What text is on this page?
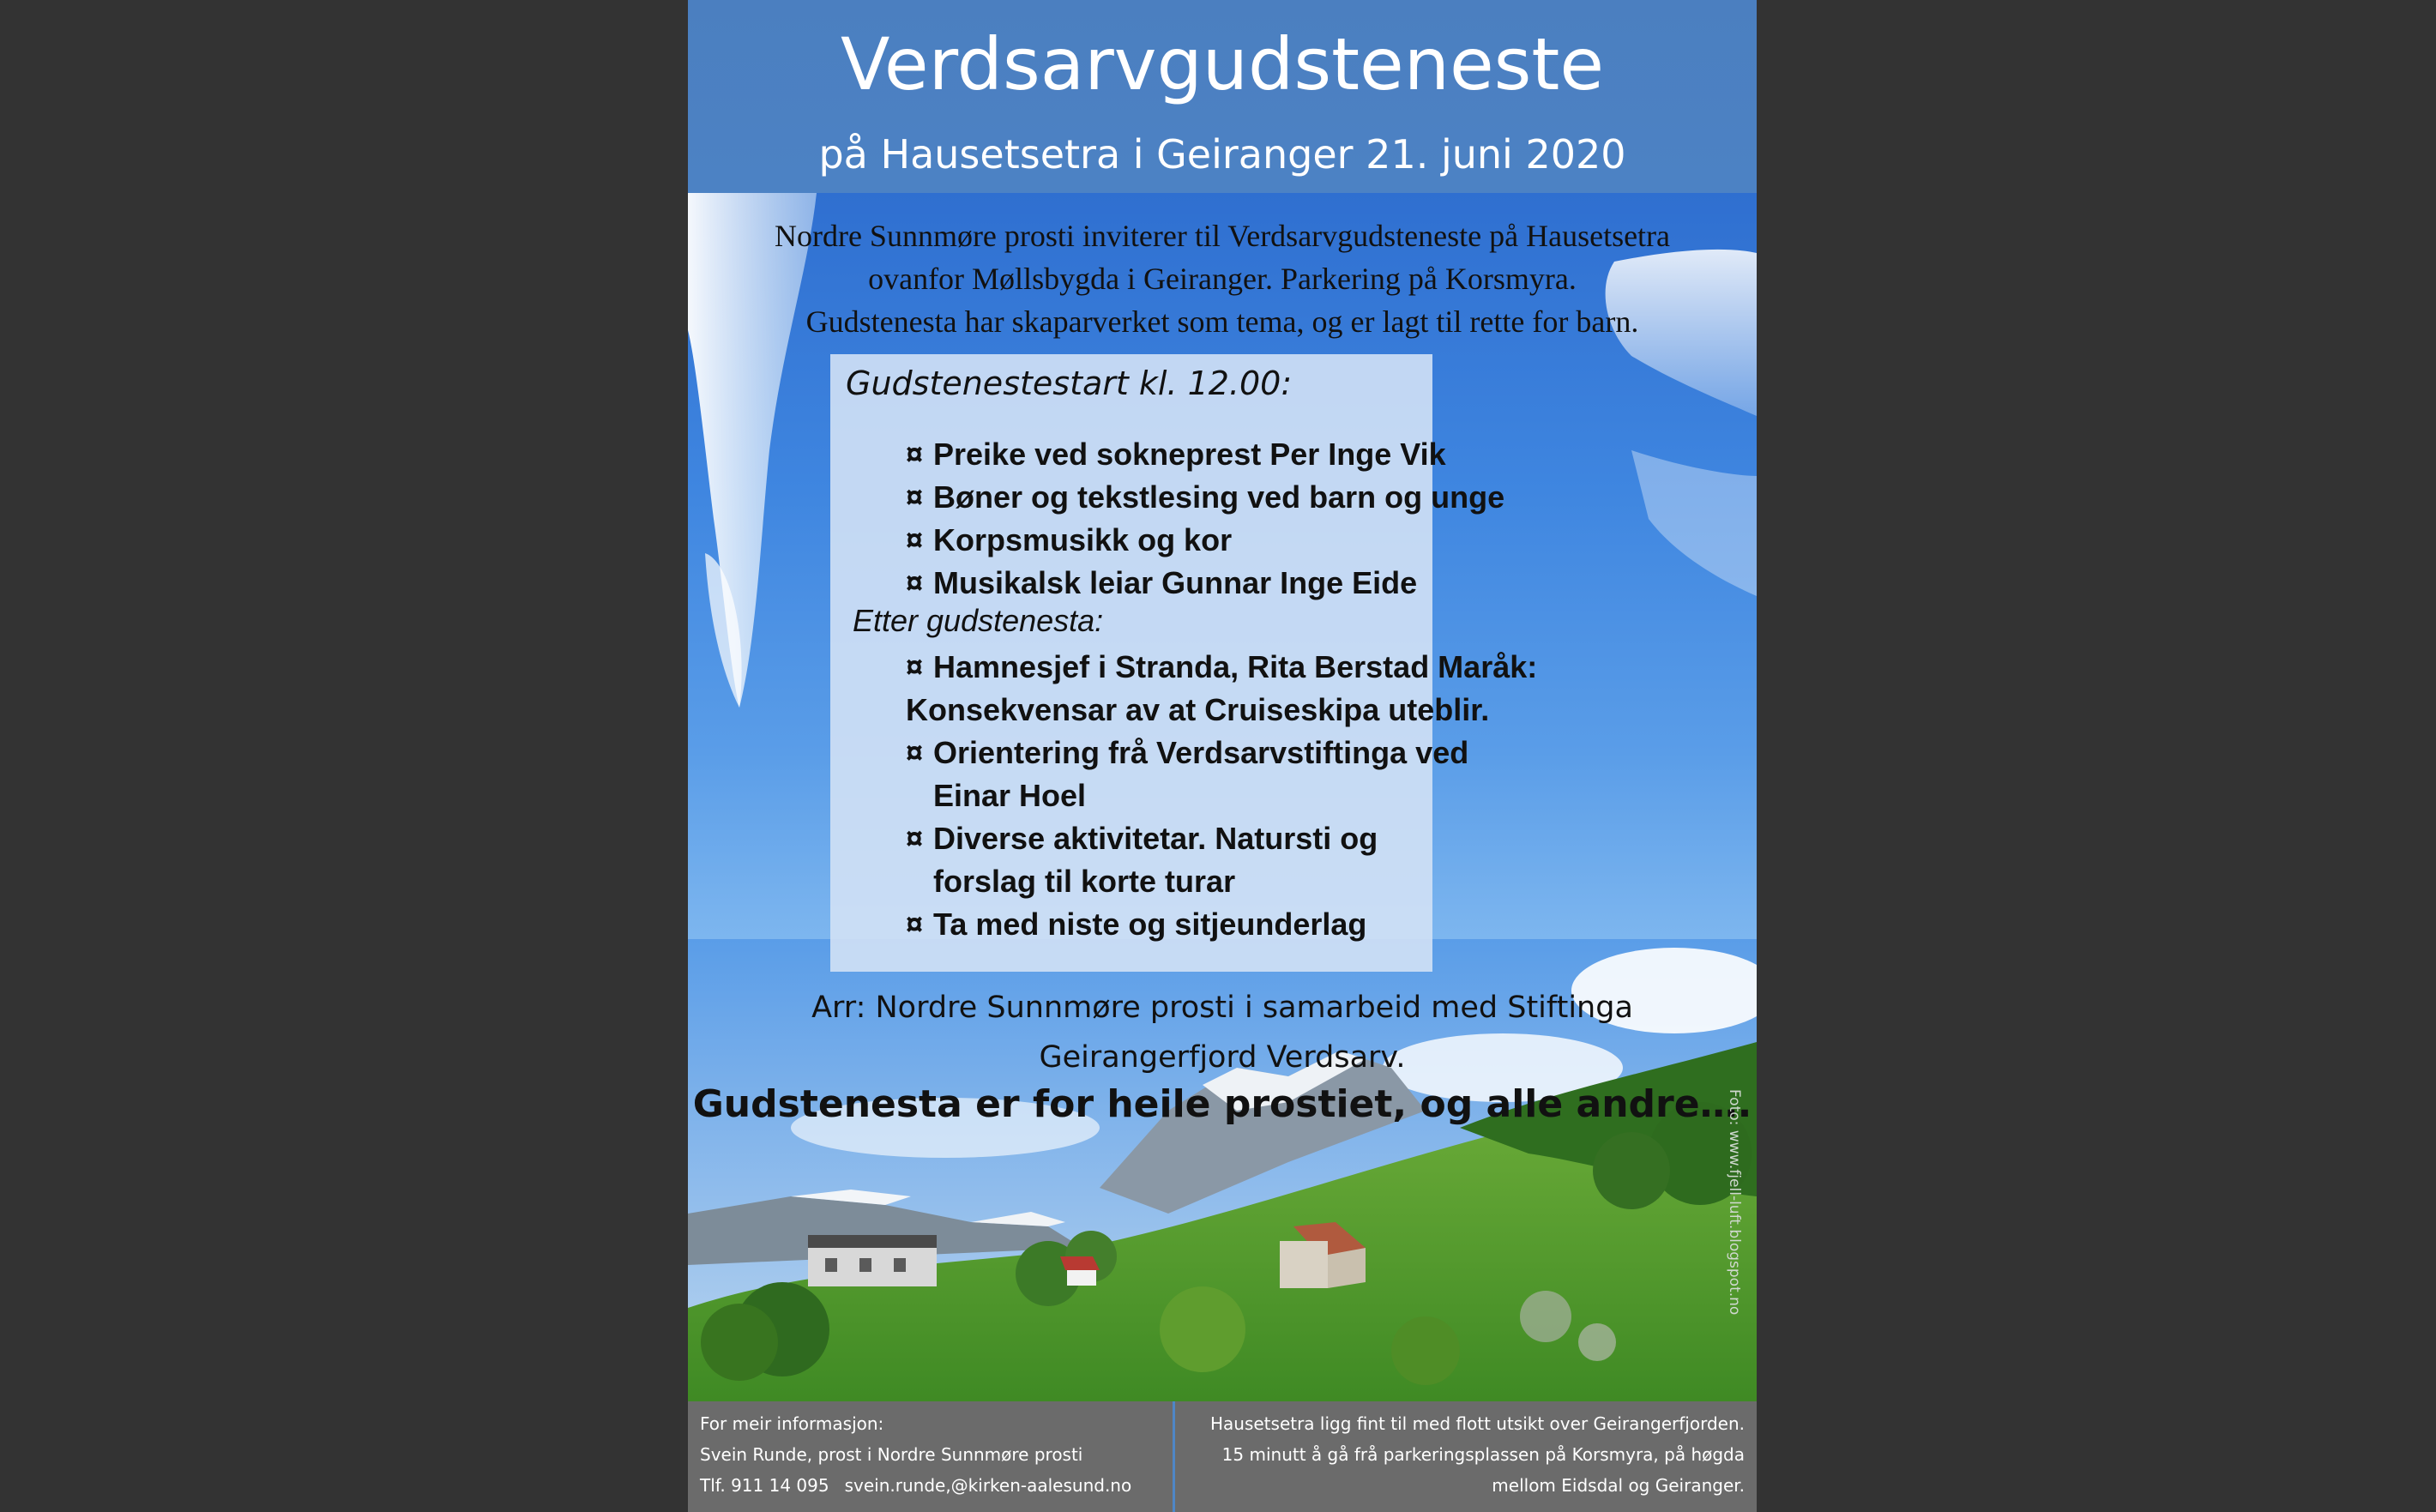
Verdsarvgudsteneste
på Hausetsetra i Geiranger 21. juni 2020
Nordre Sunnmøre prosti inviterer til Verdsarvgudsteneste på Hausetsetra
ovanfor Møllsbygda i Geiranger. Parkering på Korsmyra.
Gudstenesta har skaparverket som tema, og er lagt til rette for barn.
Gudstenestestart kl. 12.00:
¤ Preike ved sokneprest Per Inge Vik
¤ Bøner og tekstlesing ved barn og unge
¤ Korpsmusikk og kor
¤ Musikalsk leiar Gunnar Inge Eide
Etter gudstenesta:
¤ Hamnesjef i Stranda, Rita Berstad Maråk:
Konsekvensar av at Cruiseskipa uteblir.
¤ Orientering frå Verdsarvstiftinga ved
Einar Hoel
¤ Diverse aktivitetar. Natursti og
forslag til korte turar
¤ Ta med niste og sitjeunderlag
Arr: Nordre Sunnmøre prosti i samarbeid med Stiftinga
Geirangerfjord Verdsarv.
Gudstenesta er for heile prostiet, og alle andre….
Foto: www.fjell-luft.blogspot.no
For meir informasjon:
Svein Runde, prost i Nordre Sunnmøre prosti
Tlf. 911 14 095 svein.runde,@kirken-aalesund.no
Hausetsetra ligg fint til med flott utsikt over Geirangerfjorden.
15 minutt å gå frå parkeringsplassen på Korsmyra, på høgda
mellom Eidsdal og Geiranger.
